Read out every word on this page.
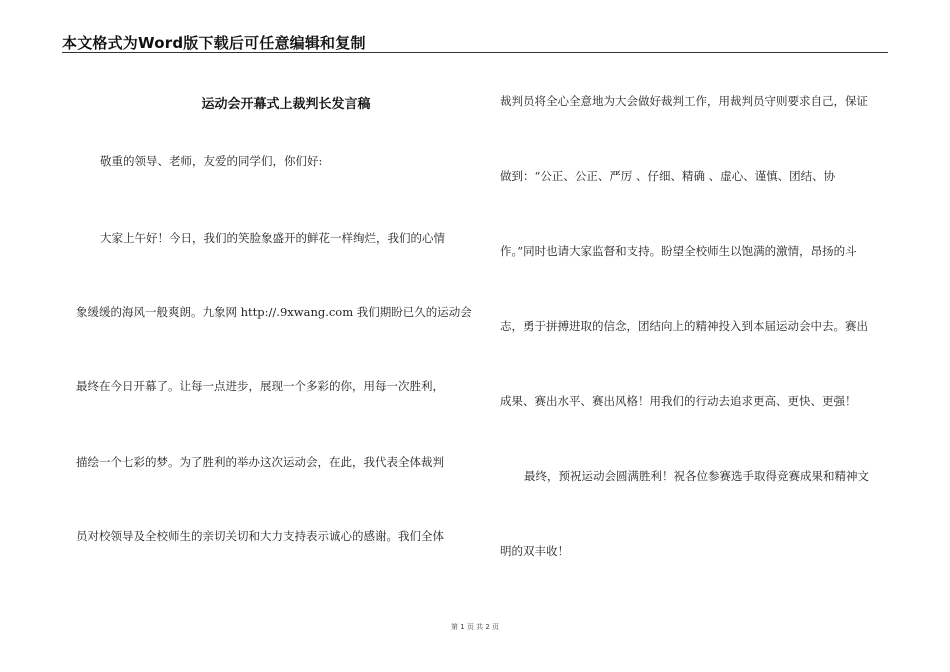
本文格式为Word版下载后可任意编辑和复制
运动会开幕式上裁判长发言稿
敬重的领导、老师，友爱的同学们，你们好:
大家上午好！今日，我们的笑脸象盛开的鲜花一样绚烂，我们的心情
象缓缓的海风一般爽朗。九象网 http://.9xwang.com 我们期盼已久的运动会
最终在今日开幕了。让每一点进步，展现一个多彩的你，用每一次胜利，
描绘一个七彩的梦。为了胜利的举办这次运动会，在此，我代表全体裁判
员对校领导及全校师生的亲切关切和大力支持表示诚心的感谢。我们全体
裁判员将全心全意地为大会做好裁判工作，用裁判员守则要求自己，保证
做到：“公正、公正、严厉 、仔细、精确 、虚心、谨慎、团结、协
作。”同时也请大家监督和支持。盼望全校师生以饱满的激情，昂扬的斗
志，勇于拼搏进取的信念，团结向上的精神投入到本届运动会中去。赛出
成果、赛出水平、赛出风格！用我们的行动去追求更高、更快、更强！
最终，预祝运动会圆满胜利！祝各位参赛选手取得竞赛成果和精神文
明的双丰收！
第 1 页 共 2 页
